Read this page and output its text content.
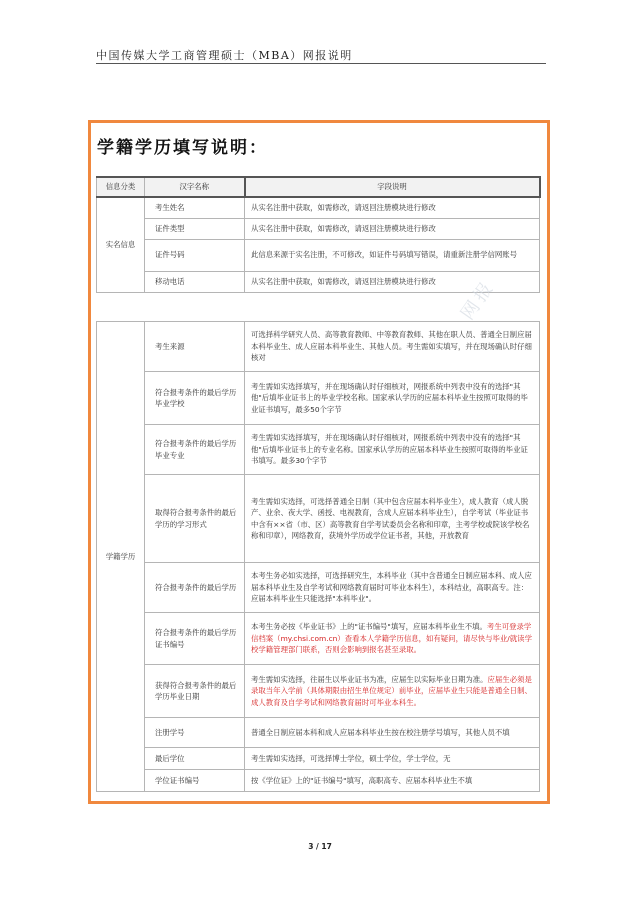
中国传媒大学工商管理硕士（MBA）网报说明
学籍学历填写说明：
信息分类	汉字名称	字段说明
实名信息	考生姓名	从实名注册中获取，如需修改，请返回注册模块进行修改
	证件类型	从实名注册中获取，如需修改，请返回注册模块进行修改
	证件号码	此信息来源于实名注册，不可修改，如证件号码填写错误，请重新注册学信网账号
	移动电话	从实名注册中获取，如需修改，请返回注册模块进行修改 网报
学籍学历	考生来源	可选择科学研究人员、高等教育教师、中等教育教师、其他在职人员、普通全日制应届本科毕业生、成人应届本科毕业生、其他人员。考生需如实填写，并在现场确认时仔细核对
	符合报考条件的最后学历毕业学校	考生需如实选择填写，并在现场确认时仔细核对，网报系统中列表中没有的选择"其他"后填毕业证书上的毕业学校名称。国家承认学历的应届本科毕业生按照可取得的毕业证书填写，最多50个字节
	符合报考条件的最后学历毕业专业	考生需如实选择填写，并在现场确认时仔细核对，网报系统中列表中没有的选择"其他"后填毕业证书上的专业名称。国家承认学历的应届本科毕业生按照可取得的毕业证书填写。最多30个字节
	取得符合报考条件的最后学历的学习形式	考生需如实选择，可选择普通全日制（其中包含应届本科毕业生），成人教育（成人脱产、业余、夜大学、函授、电视教育，含成人应届本科毕业生），自学考试（毕业证书中含有××省（市、区）高等教育自学考试委员会名称和印章，主考学校或院该学校名称和印章），网络教育，获境外学历或学位证书者，其他，开放教育
	符合报考条件的最后学历	本考生务必如实选择，可选择研究生，本科毕业（其中含普通全日制应届本科、成人应届本科毕业生及自学考试和网络教育届时可毕业本科生），本科结业，高职高专。注：应届本科毕业生只能选择"本科毕业"。
	符合报考条件的最后学历证书编号	本考生务必按《毕业证书》上的"证书编号"填写，应届本科毕业生不填。考生可登录学信档案（my.chsi.com.cn）查看本人学籍学历信息，如有疑问，请尽快与毕业/就读学校学籍管理部门联系，否则会影响到报名甚至录取。
	获得符合报考条件的最后学历毕业日期	考生需如实选择，往届生以毕业证书为准，应届生以实际毕业日期为准。应届生必须是录取当年入学前（具体期限由招生单位规定）前毕业，应届毕业生只能是普通全日制、成人教育及自学考试和网络教育届时可毕业本科生。
	注册学号	普通全日制应届本科和成人应届本科毕业生按在校注册学号填写，其他人员不填
	最后学位	考生需如实选择，可选择博士学位，硕士学位，学士学位，无
	学位证书编号	按《学位证》上的"证书编号"填写，高职高专、应届本科毕业生不填
3 / 17
